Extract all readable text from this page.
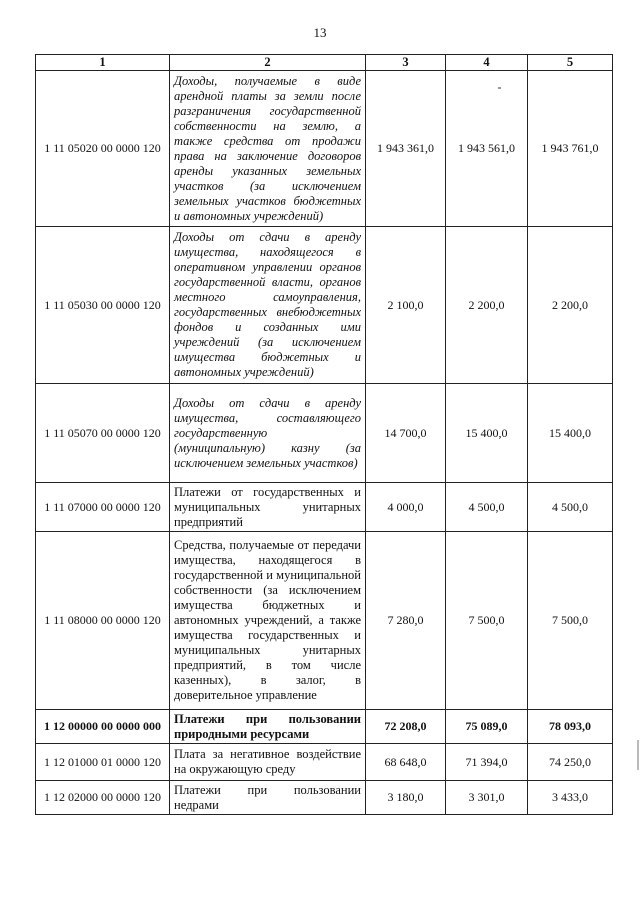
13
1	2	3	4	5
1 11 05020 00 0000 120	Доходы, получаемые в виде арендной платы за земли после разграничения государственной собственности на землю, а также средства от продажи права на заключение договоров аренды указанных земельных участков (за исключением земельных участков бюджетных и автономных учреждений)	1 943 361,0	1 943 561,0	1 943 761,0
1 11 05030 00 0000 120	Доходы от сдачи в аренду имущества, находящегося в оперативном управлении органов государственной власти, органов местного самоуправления, государственных внебюджетных фондов и созданных ими учреждений (за исключением имущества бюджетных и автономных учреждений)	2 100,0	2 200,0	2 200,0
1 11 05070 00 0000 120	Доходы от сдачи в аренду имущества, составляющего государственную (муниципальную) казну (за исключением земельных участков)	14 700,0	15 400,0	15 400,0
1 11 07000 00 0000 120	Платежи от государственных и муниципальных унитарных предприятий	4 000,0	4 500,0	4 500,0
1 11 08000 00 0000 120	Средства, получаемые от передачи имущества, находящегося в государственной и муниципальной собственности (за исключением имущества бюджетных и автономных учреждений, а также имущества государственных и муниципальных унитарных предприятий, в том числе казенных), в залог, в доверительное управление	7 280,0	7 500,0	7 500,0
1 12 00000 00 0000 000	Платежи при пользовании природными ресурсами	72 208,0	75 089,0	78 093,0
1 12 01000 01 0000 120	Плата за негативное воздействие на окружающую среду	68 648,0	71 394,0	74 250,0
1 12 02000 00 0000 120	Платежи при пользовании недрами	3 180,0	3 301,0	3 433,0
